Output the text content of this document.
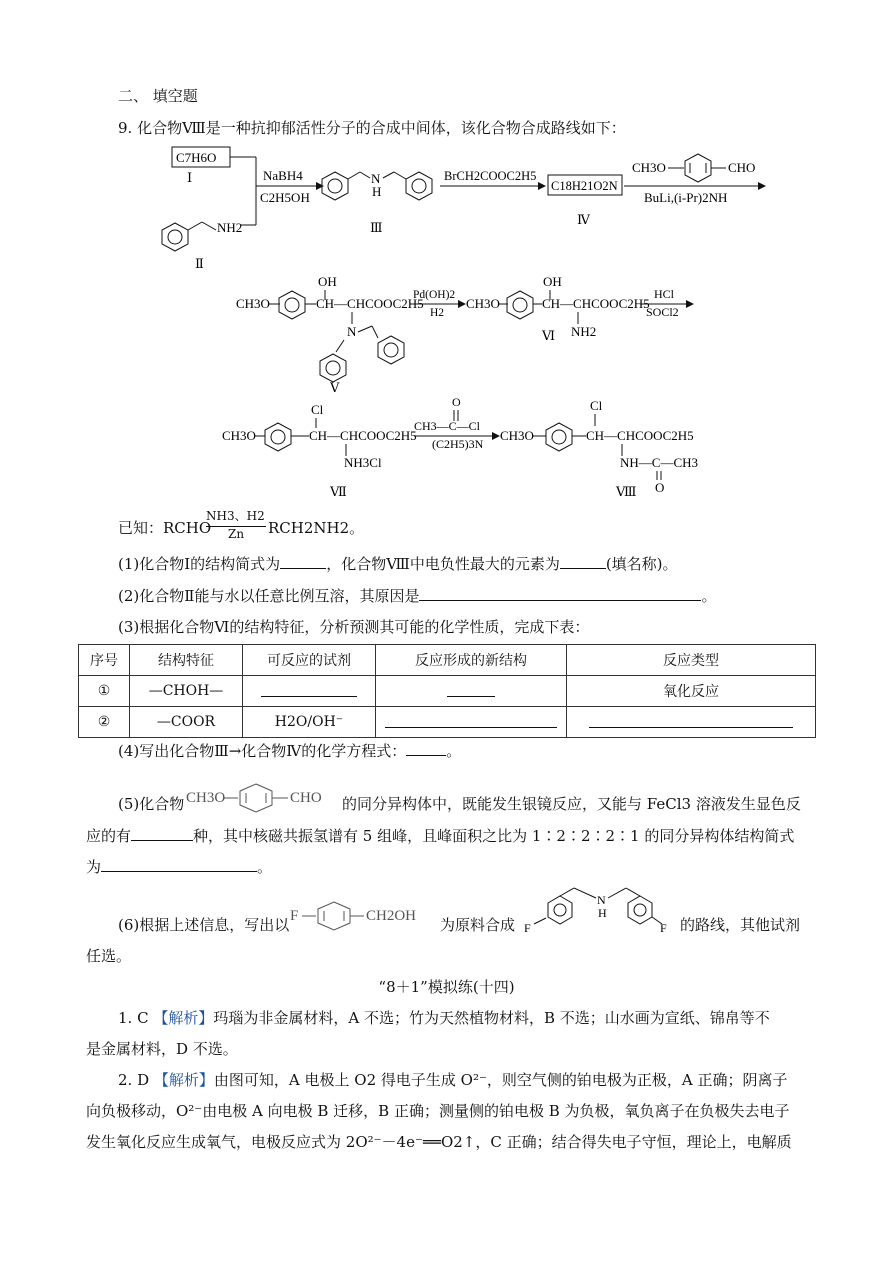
二、 填空题
9. 化合物Ⅷ是一种抗抑郁活性分子的合成中间体，该化合物合成路线如下：
C7H6O
Ⅰ
NH2
Ⅱ
NaBH4
C2H5OH
N
H
Ⅲ
BrCH2COOC2H5
C18H21O2N
Ⅳ
CH3O	CHO
BuLi,(i-Pr)2NH
OH
CH3O	CH—CHCOOC2H5
N
Ⅴ
Pd(OH)2
H2
OH
CH3O	CH—CHCOOC2H5
NH2
Ⅵ
HCl
SOCl2
Cl
CH3O	CH—CHCOOC2H5
NH3Cl
Ⅶ
O
CH3—C—Cl
(C2H5)3N
Cl
CH3O	CH—CHCOOC2H5
NH—C—CH3
O
Ⅷ
已知：RCHO
NH3、H2
Zn RCH2NH2。
(1)化合物Ⅰ的结构简式为	，化合物Ⅷ中电负性最大的元素为	(填名称)。
(2)化合物Ⅱ能与水以任意比例互溶，其原因是	。
(3)根据化合物Ⅵ的结构特征，分析预测其可能的化学性质，完成下表：
序号	结构特征	可反应的试剂	反应形成的新结构	反应类型
①	—CHOH—			氧化反应
②	—COOR	H2O/OH⁻		
(4)写出化合物Ⅲ→化合物Ⅳ的化学方程式：	。
(5)化合物 CH3O	CHO 的同分异构体中，既能发生银镜反应，又能与 FeCl3 溶液发生显色反
应的有	种，其中核磁共振氢谱有 5 组峰，且峰面积之比为 1∶2∶2∶2∶1 的同分异构体结构简式
为	。
(6)根据上述信息，写出以 F	CH2OH 为原料合成 F
N
H
F 的路线，其他试剂
任选。
“8＋1”模拟练(十四)
1. C 【解析】玛瑙为非金属材料，A 不选；竹为天然植物材料，B 不选；山水画为宣纸、锦帛等不
是金属材料，D 不选。
2. D 【解析】由图可知，A 电极上 O2 得电子生成 O²⁻，则空气侧的铂电极为正极，A 正确；阴离子
向负极移动，O²⁻由电极 A 向电极 B 迁移，B 正确；测量侧的铂电极 B 为负极，氧负离子在负极失去电子
发生氧化反应生成氧气，电极反应式为 2O²⁻－4e⁻══O2↑，C 正确；结合得失电子守恒，理论上，电解质
